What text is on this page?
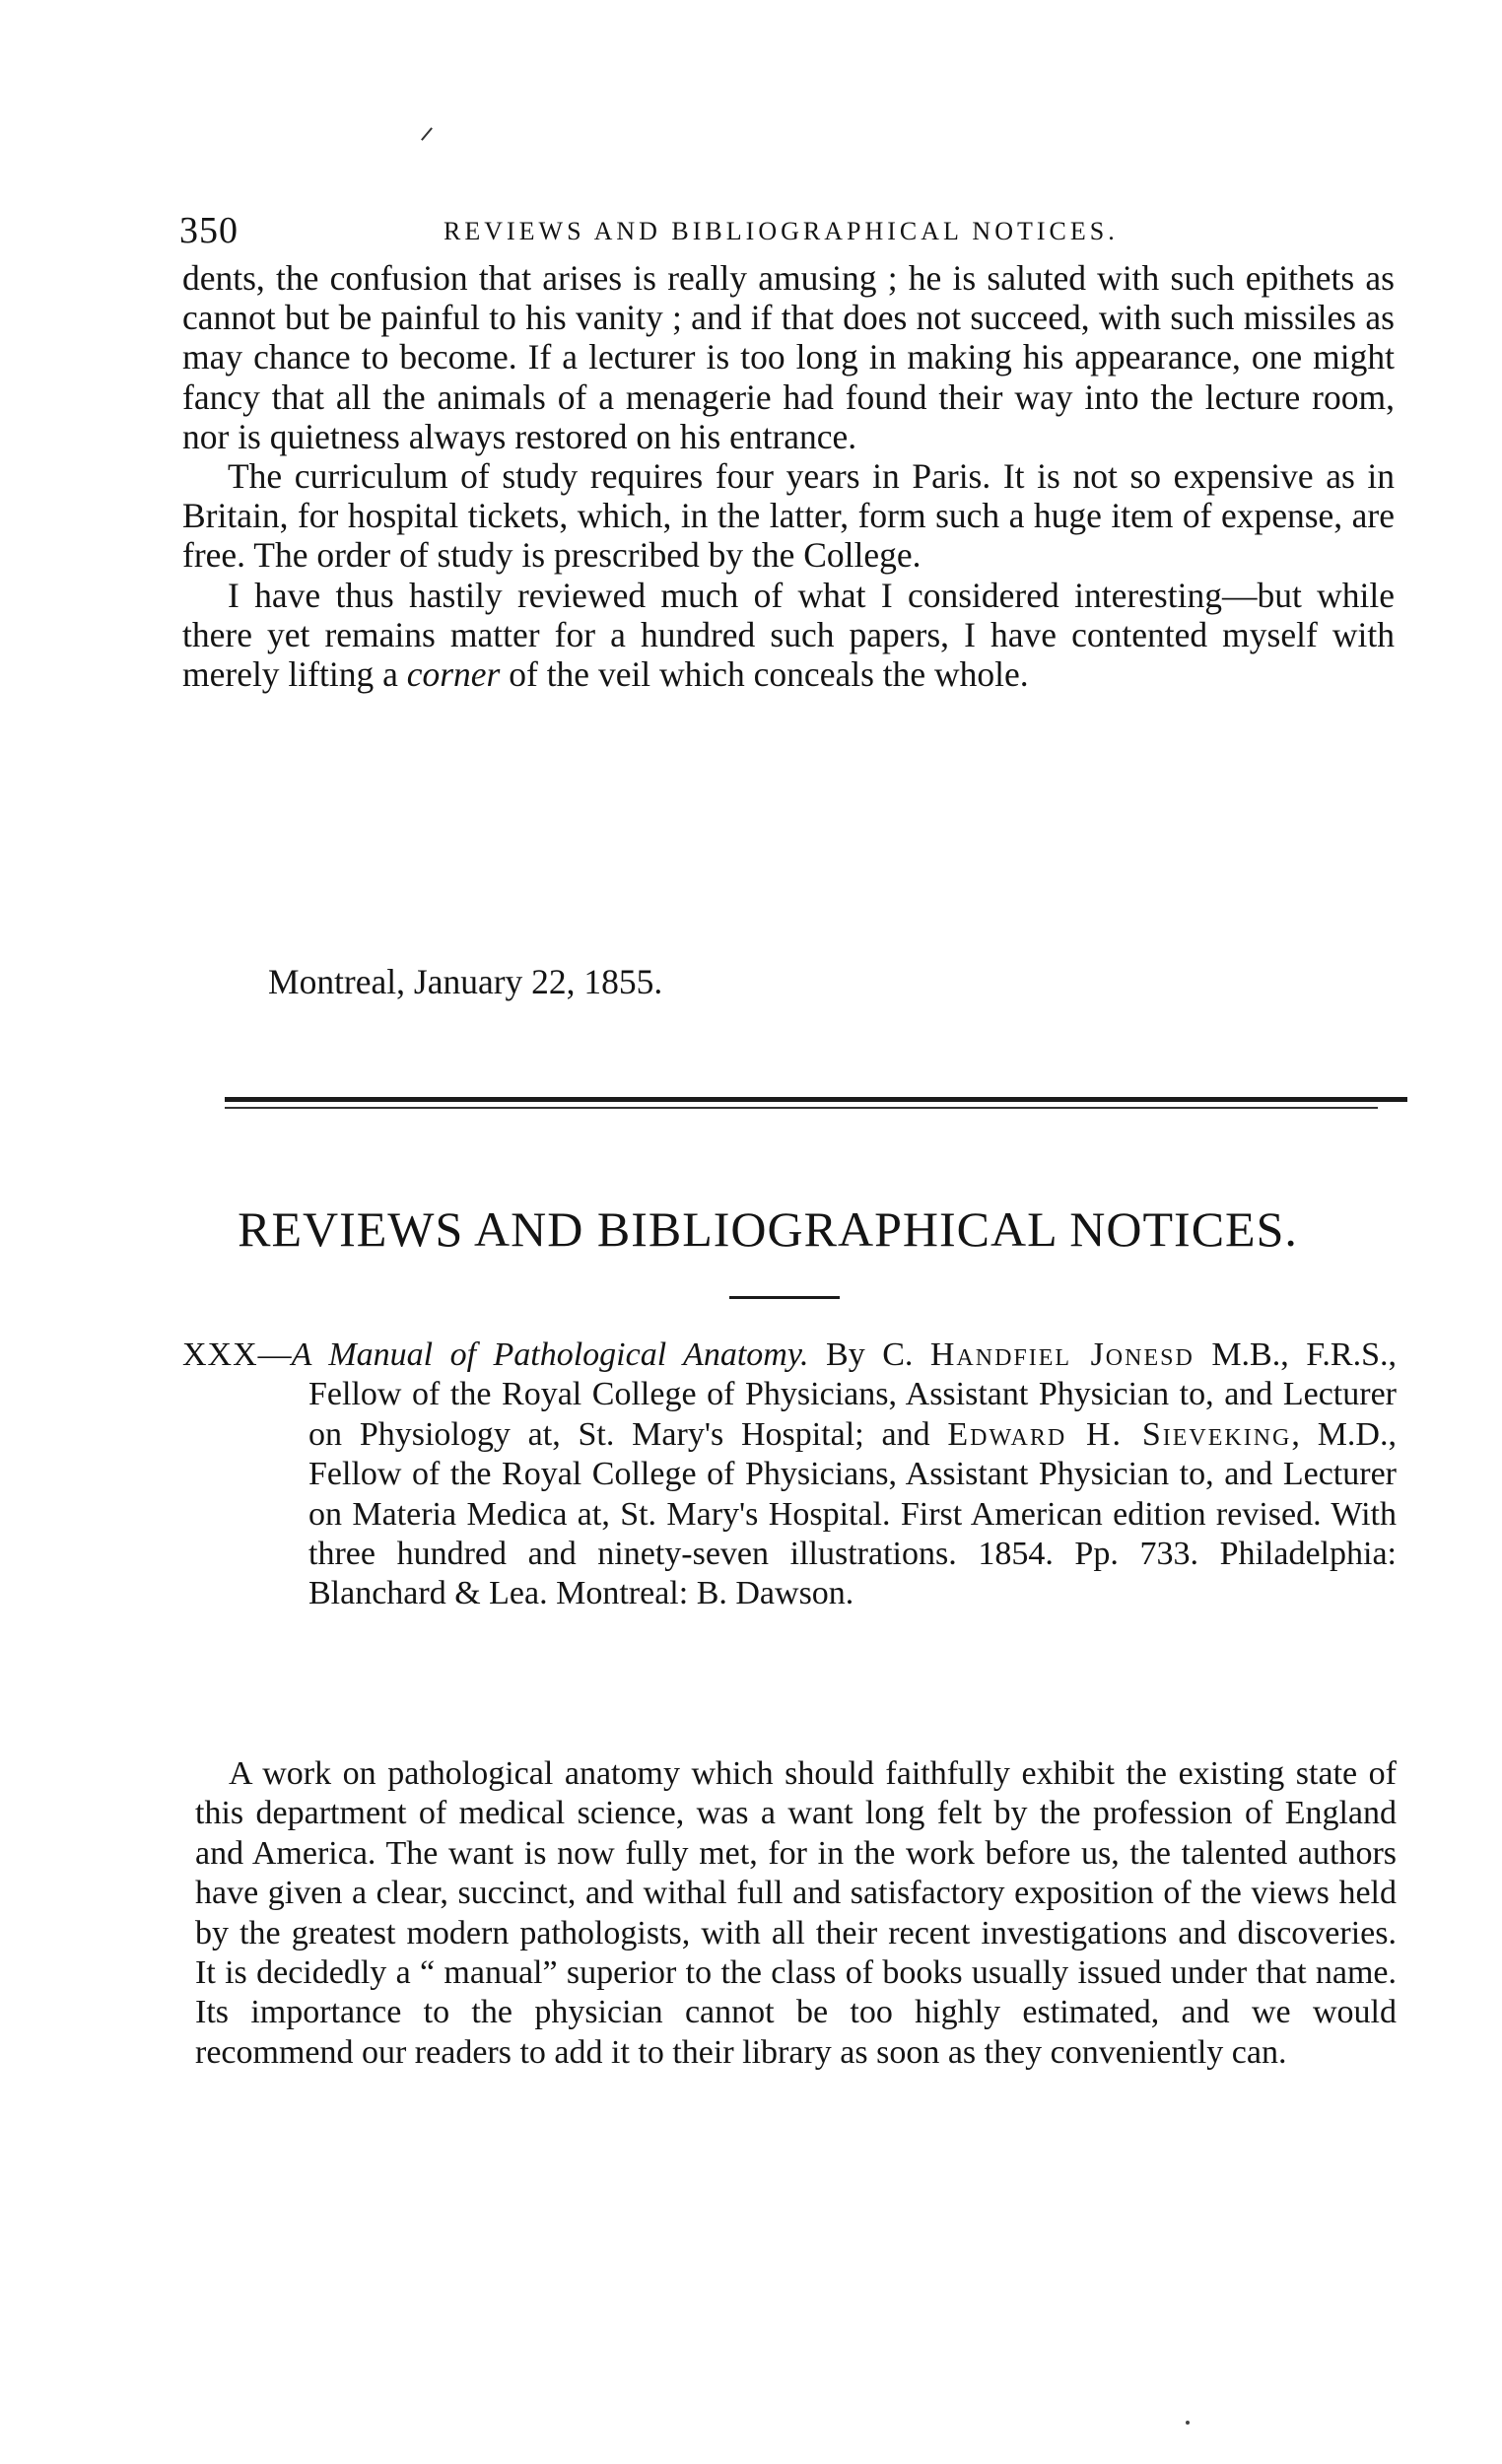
350	REVIEWS AND BIBLIOGRAPHICAL NOTICES.

dents, the confusion that arises is really amusing ; he is saluted with such epithets as cannot but be painful to his vanity ; and if that does not succeed, with such missiles as may chance to become. If a lecturer is too long in making his appearance, one might fancy that all the animals of a menagerie had found their way into the lecture room, nor is quietness always restored on his entrance.

The curriculum of study requires four years in Paris. It is not so expensive as in Britain, for hospital tickets, which, in the latter, form such a huge item of expense, are free. The order of study is prescribed by the College.

I have thus hastily reviewed much of what I considered interesting—but while there yet remains matter for a hundred such papers, I have contented myself with merely lifting a corner of the veil which conceals the whole.

Montreal, January 22, 1855.
REVIEWS AND BIBLIOGRAPHICAL NOTICES.
XXX—A Manual of Pathological Anatomy. By C. Handfiel Jonesd M.B., F.R.S., Fellow of the Royal College of Physicians, Assistant Physician to, and Lecturer on Physiology at, St. Mary's Hospital; and Edward H. Sieveking, M.D., Fellow of the Royal College of Physicians, Assistant Physician to, and Lecturer on Materia Medica at, St. Mary's Hospital. First American edition revised. With three hundred and ninety-seven illustrations. 1854. Pp. 733. Philadelphia: Blanchard & Lea. Montreal: B. Dawson.

A work on pathological anatomy which should faithfully exhibit the existing state of this department of medical science, was a want long felt by the profession of England and America. The want is now fully met, for in the work before us, the talented authors have given a clear, succinct, and withal full and satisfactory exposition of the views held by the greatest modern pathologists, with all their recent investigations and discoveries. It is decidedly a “ manual” superior to the class of books usually issued under that name. Its importance to the physician cannot be too highly estimated, and we would recommend our readers to add it to their library as soon as they conveniently can.
